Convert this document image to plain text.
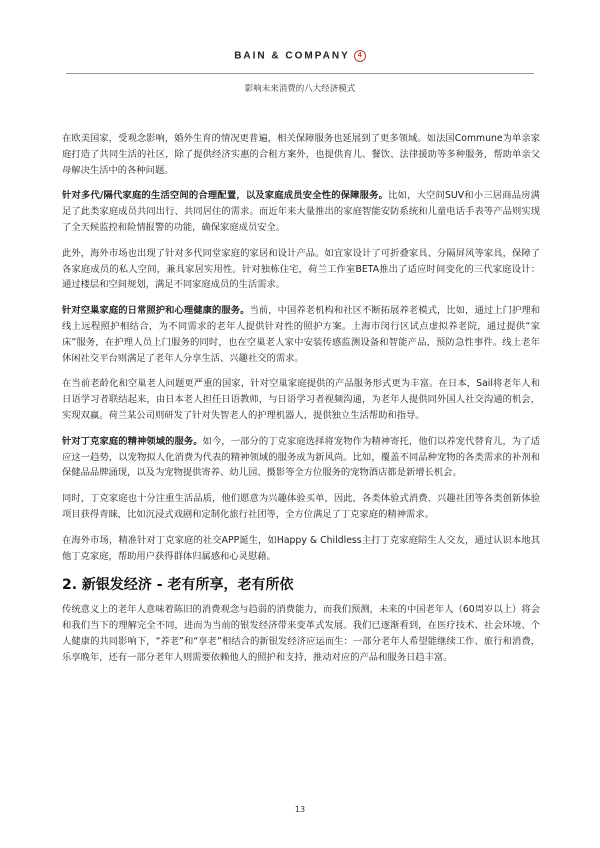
BAIN & COMPANY 4
影响未来消费的八大经济模式

在欧美国家，受观念影响，婚外生育的情况更普遍，相关保障服务也延展到了更多领域。如法国Commune为单亲家庭打造了共同生活的社区，除了提供经济实惠的合租方案外，也提供育儿、餐饮、法律援助等多种服务，帮助单亲父母解决生活中的各种问题。

针对多代/隔代家庭的生活空间的合理配置，以及家庭成员安全性的保障服务。比如，大空间SUV和小三居商品房满足了此类家庭成员共同出行、共同居住的需求。而近年来大量推出的家庭智能安防系统和儿童电话手表等产品则实现了全天候监控和险情报警的功能，确保家庭成员安全。

此外，海外市场也出现了针对多代同堂家庭的家居和设计产品。如宜家设计了可折叠家具、分隔屏风等家具，保障了各家庭成员的私人空间，兼具家居实用性。针对独栋住宅，荷兰工作室BETA推出了适应时间变化的三代家庭设计：通过楼层和空间规划，满足不同家庭成员的生活需求。

针对空巢家庭的日常照护和心理健康的服务。当前，中国养老机构和社区不断拓展养老模式，比如，通过上门护理和线上远程照护相结合，为不同需求的老年人提供针对性的照护方案。上海市闵行区试点虚拟养老院，通过提供“家床”服务，在护理人员上门服务的同时，也在空巢老人家中安装传感监测设备和智能产品，预防急性事件。线上老年休闲社交平台则满足了老年人分享生活、兴趣社交的需求。

在当前老龄化和空巢老人问题更严重的国家，针对空巢家庭提供的产品服务形式更为丰富。在日本，Sail将老年人和日语学习者联结起来，由日本老人担任日语教师，与日语学习者视频沟通，为老年人提供同外国人社交沟通的机会，实现双赢。荷兰某公司则研发了针对失智老人的护理机器人，提供独立生活帮助和指导。

针对丁克家庭的精神领域的服务。如今，一部分的丁克家庭选择将宠物作为精神寄托，他们以养宠代替育儿，为了适应这一趋势，以宠物拟人化消费为代表的精神领域的服务成为新风尚。比如，覆盖不同品种宠物的各类需求的补剂和保健品品牌涌现，以及为宠物提供寄养、幼儿园、摄影等全方位服务的宠物酒店都是新增长机会。

同时，丁克家庭也十分注重生活品质，他们愿意为兴趣体验买单，因此，各类体验式消费、兴趣社团等各类创新体验项目获得青睐，比如沉浸式戏剧和定制化旅行社团等，全方位满足了丁克家庭的精神需求。

在海外市场，精准针对丁克家庭的社交APP诞生，如Happy & Childless主打丁克家庭陪生人交友，通过认识本地其他丁克家庭，帮助用户获得群体归属感和心灵慰藉。

2. 新银发经济 - 老有所享，老有所依

传统意义上的老年人意味着陈旧的消费观念与趋弱的消费能力，而我们预测，未来的中国老年人（60周岁以上）将会和我们当下的理解完全不同，进而为当前的银发经济带来变革式发展。我们已逐渐看到，在医疗技术、社会环境、个人健康的共同影响下，“养老”和“享老”相结合的新银发经济应运而生：一部分老年人希望能继续工作、旅行和消费，乐享晚年，还有一部分老年人则需要依赖他人的照护和支持，推动对应的产品和服务日趋丰富。

13
